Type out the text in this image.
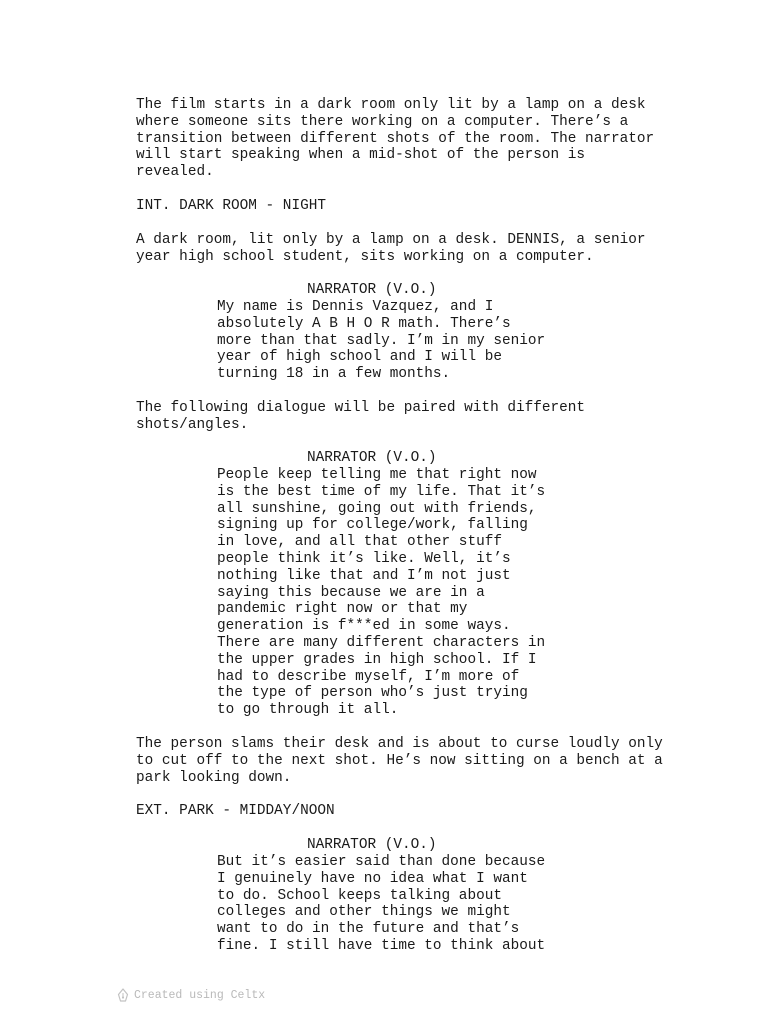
The film starts in a dark room only lit by a lamp on a desk
where someone sits there working on a computer. There’s a
transition between different shots of the room. The narrator
will start speaking when a mid-shot of the person is
revealed.
INT. DARK ROOM - NIGHT
A dark room, lit only by a lamp on a desk. DENNIS, a senior
year high school student, sits working on a computer.
NARRATOR (V.O.)
My name is Dennis Vazquez, and I
absolutely A B H O R math. There’s
more than that sadly. I’m in my senior
year of high school and I will be
turning 18 in a few months.
The following dialogue will be paired with different
shots/angles.
NARRATOR (V.O.)
People keep telling me that right now
is the best time of my life. That it’s
all sunshine, going out with friends,
signing up for college/work, falling
in love, and all that other stuff
people think it’s like. Well, it’s
nothing like that and I’m not just
saying this because we are in a
pandemic right now or that my
generation is f***ed in some ways.
There are many different characters in
the upper grades in high school. If I
had to describe myself, I’m more of
the type of person who’s just trying
to go through it all.
The person slams their desk and is about to curse loudly only
to cut off to the next shot. He’s now sitting on a bench at a
park looking down.
EXT. PARK - MIDDAY/NOON
NARRATOR (V.O.)
But it’s easier said than done because
I genuinely have no idea what I want
to do. School keeps talking about
colleges and other things we might
want to do in the future and that’s
fine. I still have time to think about
Created using Celtx
